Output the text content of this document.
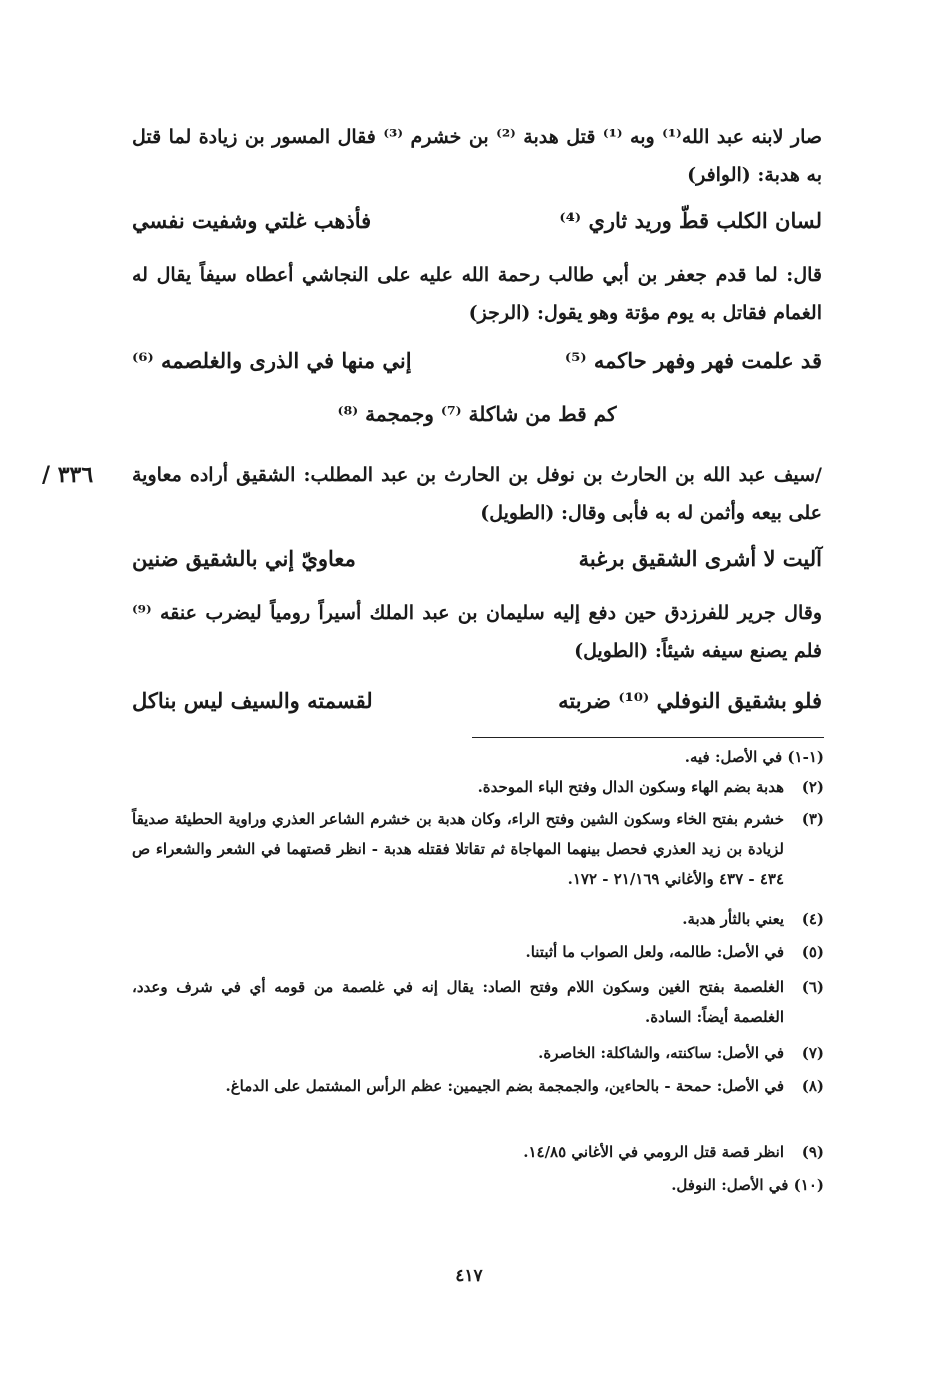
صار لابنه عبد الله⁽¹⁾ وبه ⁽¹⁾ قتل هدبة ⁽²⁾ بن خشرم ⁽³⁾ فقال المسور بن زيادة لما قتل به هدبة: (الوافر)
لسان الكلب قطّ وريد ثاري ⁽⁴⁾
فأذهب غلتي وشفيت نفسي
قال: لما قدم جعفر بن أبي طالب رحمة الله عليه على النجاشي أعطاه سيفاً يقال له الغمام فقاتل به يوم مؤتة وهو يقول: (الرجز)
قد علمت فهر وفهر حاكمه ⁽⁵⁾
إني منها في الذرى والغلصمه ⁽⁶⁾
كم قط من شاكلة ⁽⁷⁾ وجمجمة ⁽⁸⁾
/سيف عبد الله بن الحارث بن نوفل بن الحارث بن عبد المطلب: الشقيق أراده معاوية على بيعه وأثمن له به فأبى وقال: (الطويل)
٣٣٦ /
آليت لا أشرى الشقيق برغبة
معاويّ إني بالشقيق ضنين
وقال جرير للفرزدق حين دفع إليه سليمان بن عبد الملك أسيراً رومياً ليضرب عنقه ⁽⁹⁾ فلم يصنع سيفه شيئاً: (الطويل)
فلو بشقيق النوفلي ⁽¹⁰⁾ ضربته
لقسمته والسيف ليس بناكل
(١-١) في الأصل: فيه.
(٢)
هدبة بضم الهاء وسكون الدال وفتح الباء الموحدة.
(٣)
خشرم بفتح الخاء وسكون الشين وفتح الراء، وكان هدبة بن خشرم الشاعر العذري وراوية الحطيئة صديقاً لزيادة بن زيد العذري فحصل بينهما المهاجاة ثم تقاتلا فقتله هدبة - انظر قصتهما في الشعر والشعراء ص ٤٣٤ - ٤٣٧ والأغاني ٢١/١٦٩ - ١٧٢.
(٤)
يعني بالثأر هدبة.
(٥)
في الأصل: طالمه، ولعل الصواب ما أثبتنا.
(٦)
الغلصمة بفتح الغين وسكون اللام وفتح الصاد: يقال إنه في غلصمة من قومه أي في شرف وعدد، الغلصمة أيضاً: السادة.
(٧)
في الأصل: ساكنته، والشاكلة: الخاصرة.
(٨)
في الأصل: حمحة - بالحاءين، والجمجمة بضم الجيمين: عظم الرأس المشتمل على الدماغ.
(٩)
انظر قصة قتل الرومي في الأغاني ١٤/٨٥.
(١٠) في الأصل: النوفل.
٤١٧
